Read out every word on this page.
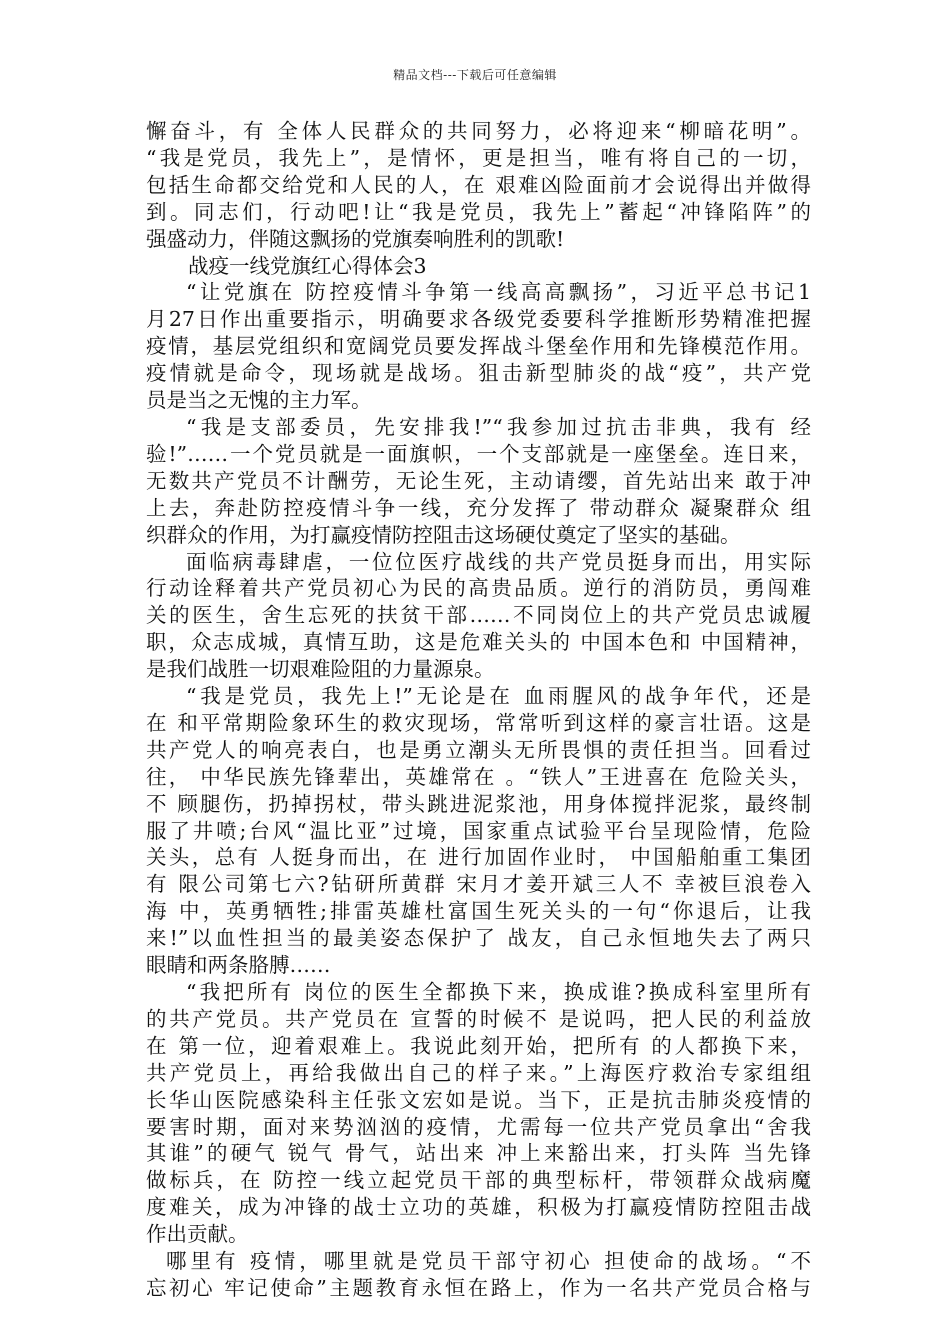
精品文档---下载后可任意编辑
懈奋斗，有 全体人民群众的共同努力，必将迎来“柳暗花明”。
“我是党员，我先上”，是情怀，更是担当，唯有将自己的一切，
包括生命都交给党和人民的人，在 艰难凶险面前才会说得出并做得
到。同志们，行动吧!让“我是党员，我先上”蓄起“冲锋陷阵”的
强盛动力，伴随这飘扬的党旗奏响胜利的凯歌!
战疫一线党旗红心得体会3
“让党旗在 防控疫情斗争第一线高高飘扬”，习近平总书记1
月27日作出重要指示，明确要求各级党委要科学推断形势精准把握
疫情，基层党组织和宽阔党员要发挥战斗堡垒作用和先锋模范作用。
疫情就是命令，现场就是战场。狙击新型肺炎的战“疫”，共产党
员是当之无愧的主力军。
“我是支部委员，先安排我!”“我参加过抗击非典，我有 经
验!”……一个党员就是一面旗帜，一个支部就是一座堡垒。连日来，
无数共产党员不计酬劳，无论生死，主动请缨，首先站出来 敢于冲
上去，奔赴防控疫情斗争一线，充分发挥了 带动群众 凝聚群众 组
织群众的作用，为打赢疫情防控阻击这场硬仗奠定了坚实的基础。
面临病毒肆虐，一位位医疗战线的共产党员挺身而出，用实际
行动诠释着共产党员初心为民的高贵品质。逆行的消防员，勇闯难
关的医生，舍生忘死的扶贫干部……不同岗位上的共产党员忠诚履
职，众志成城，真情互助，这是危难关头的 中国本色和 中国精神，
是我们战胜一切艰难险阻的力量源泉。
“我是党员，我先上!”无论是在 血雨腥风的战争年代，还是
在 和平常期险象环生的救灾现场，常常听到这样的豪言壮语。这是
共产党人的响亮表白，也是勇立潮头无所畏惧的责任担当。回看过
往， 中华民族先锋辈出，英雄常在 。“铁人”王进喜在 危险关头，
不 顾腿伤，扔掉拐杖，带头跳进泥浆池，用身体搅拌泥浆，最终制
服了井喷;台风“温比亚”过境，国家重点试验平台呈现险情，危险
关头，总有 人挺身而出，在 进行加固作业时， 中国船舶重工集团
有 限公司第七六?钻研所黄群 宋月才姜开斌三人不 幸被巨浪卷入
海 中，英勇牺牲;排雷英雄杜富国生死关头的一句“你退后，让我
来!”以血性担当的最美姿态保护了 战友，自己永恒地失去了两只
眼睛和两条胳膊……
“我把所有 岗位的医生全都换下来，换成谁?换成科室里所有
的共产党员。共产党员在 宣誓的时候不 是说吗，把人民的利益放
在 第一位，迎着艰难上。我说此刻开始，把所有 的人都换下来，
共产党员上，再给我做出自己的样子来。”上海医疗救治专家组组
长华山医院感染科主任张文宏如是说。当下，正是抗击肺炎疫情的
要害时期，面对来势汹汹的疫情，尤需每一位共产党员拿出“舍我
其谁”的硬气 锐气 骨气，站出来 冲上来豁出来，打头阵 当先锋
做标兵，在 防控一线立起党员干部的典型标杆，带领群众战病魔
度难关，成为冲锋的战士立功的英雄，积极为打赢疫情防控阻击战
作出贡献。
哪里有 疫情，哪里就是党员干部守初心 担使命的战场。“不
忘初心 牢记使命”主题教育永恒在路上，作为一名共产党员合格与
